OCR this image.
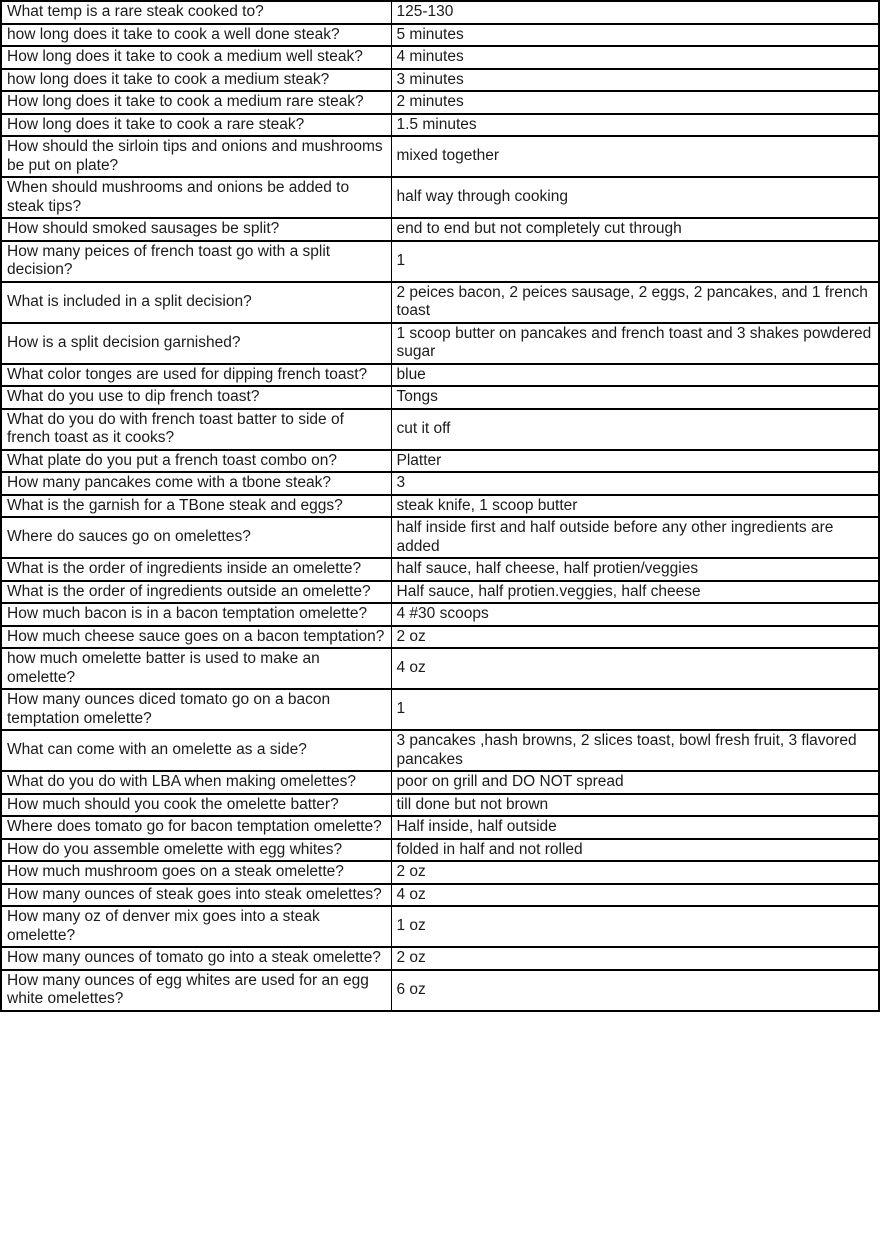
What temp is a rare steak cooked to?	125-130
how long does it take to cook a well done steak?	5 minutes
How long does it take to cook a medium well steak?	4 minutes
how long does it take to cook a medium steak?	3 minutes
How long does it take to cook a medium rare steak?	2 minutes
How long does it take to cook a rare steak?	1.5 minutes
How should the sirloin tips and onions and mushrooms be put on plate?	mixed together
When should mushrooms and onions be added to steak tips?	half way through cooking
How should smoked sausages be split?	end to end but not completely cut through
How many peices of french toast go with a split decision?	1
What is included in a split decision?	2 peices bacon, 2 peices sausage, 2 eggs, 2 pancakes, and 1 french toast
How is a split decision garnished?	1 scoop butter on pancakes and french toast and 3 shakes powdered sugar
What color tonges are used for dipping french toast?	blue
What do you use to dip french toast?	Tongs
What do you do with french toast batter to side of french toast as it cooks?	cut it off
What plate do you put a french toast combo on?	Platter
How many pancakes come with a tbone steak?	3
What is the garnish for a TBone steak and eggs?	steak knife, 1 scoop butter
Where do sauces go on omelettes?	half inside first and half outside before any other ingredients are added
What is the order of ingredients inside an omelette?	half sauce, half cheese, half protien/veggies
What is the order of ingredients outside an omelette?	Half sauce, half protien.veggies, half cheese
How much bacon is in a bacon temptation omelette?	4 #30 scoops
How much cheese sauce goes on a bacon temptation?	2 oz
how much omelette batter is used to make an omelette?	4 oz
How many ounces diced tomato go on a bacon temptation omelette?	1
What can come with an omelette as a side?	3 pancakes ,hash browns, 2 slices toast, bowl fresh fruit, 3 flavored pancakes
What do you do with LBA when making omelettes?	poor on grill and DO NOT spread
How much should you cook the omelette batter?	till done but not brown
Where does tomato go for bacon temptation omelette?	Half inside, half outside
How do you assemble omelette with egg whites?	folded in half and not rolled
How much mushroom goes on a steak omelette?	2 oz
How many ounces of steak goes into steak omelettes?	4 oz
How many oz of denver mix goes into a steak omelette?	1 oz
How many ounces of tomato go into a steak omelette?	2 oz
How many ounces of egg whites are used for an egg white omelettes?	6 oz
